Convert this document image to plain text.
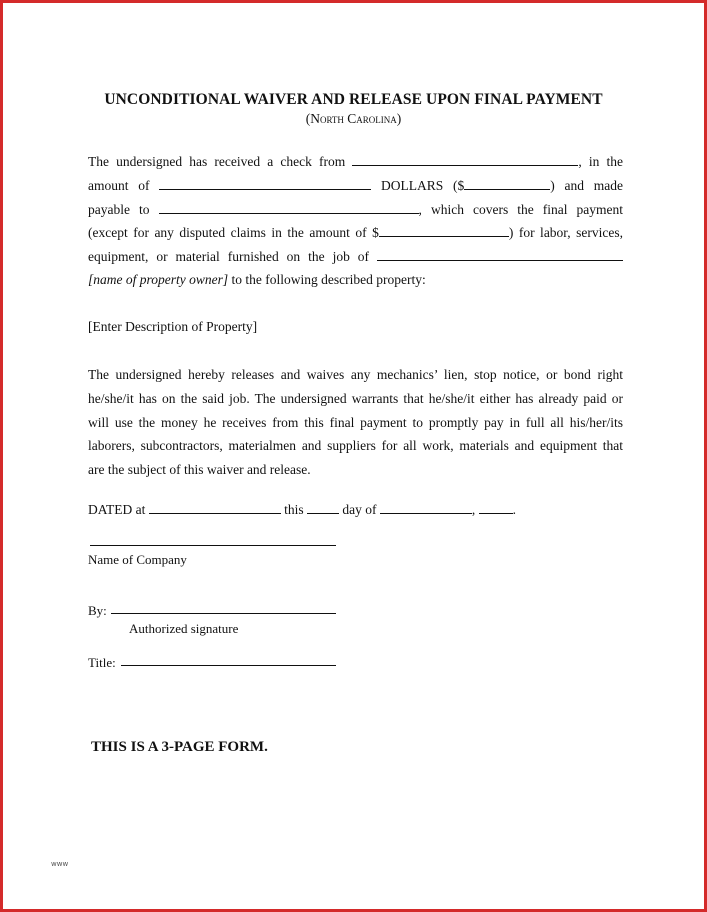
UNCONDITIONAL WAIVER AND RELEASE UPON FINAL PAYMENT
(North Carolina)
The undersigned has received a check from	, in the
amount of	DOLLARS ($	) and made
payable to	, which covers the final payment
(except for any disputed claims in the amount of $	) for labor, services,
equipment, or material furnished on the job of
[name of property owner] to the following described property:
[Enter Description of Property]
The undersigned hereby releases and waives any mechanics’ lien, stop notice, or bond right
he/she/it has on the said job. The undersigned warrants that he/she/it either has already paid or
will use the money he receives from this final payment to promptly pay in full all his/her/its
laborers, subcontractors, materialmen and suppliers for all work, materials and equipment that
are the subject of this waiver and release.
DATED at	this	day of	,	.
Name of Company
By:
Authorized signature
Title:
THIS IS A 3-PAGE FORM.
www
